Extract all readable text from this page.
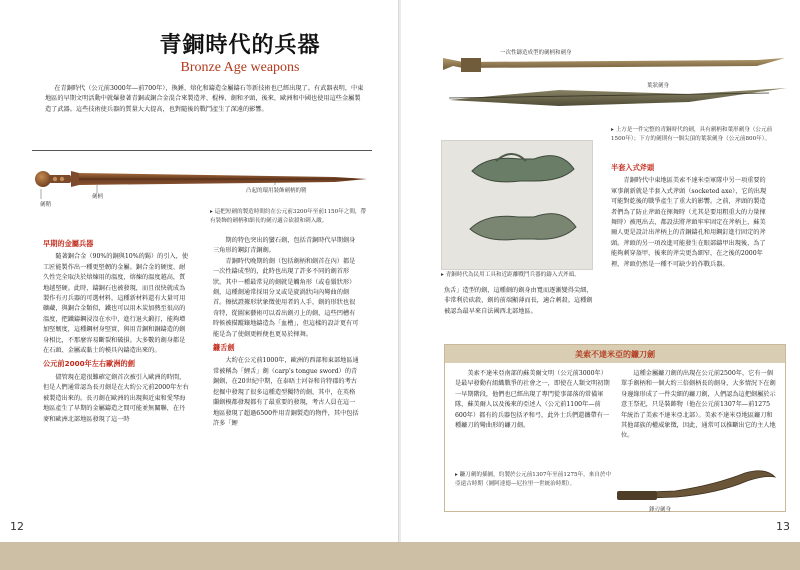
青銅時代的兵器
Bronze Age weapons
在青銅時代（公元前3000年—前700年），換錘、熔化和鑄造金屬鑄石等新技術也已經出現了。有武器表明，中東地區的早期文明活動中就爆發著青銅或銅合金混合來製造斧、棍棒、劍和矛頭，後來，歐洲和中國也使用這些金屬製造了武器。這些技術使兵器的質量大大提高，也對隨後的戰鬥產生了深遠的影響。
劍鞘
劍柄
凸起的環用裝飾劍柄的鞘
▸ 這把短劍的製造時間約在公元前3200年至前1150年之間，帶有裝飾的劍柄和細長的劍刃適合砍殺和刺入敵。
早期的金屬兵器

隨著銅合金（90%的銅與10%的錫）的引入，使工匠能製作出一種更堅韌的金屬。銅合金的硬度、耐久性完全取決於熔煉用的溫度，熔煉的溫度越高，質地越堅硬。此時，鑄銅石也被發現，而且很快就成為製作有刃兵器的可選材料，這種新材料還有大量可用礦藏，與銅合金類似，鐵也可以用木炭加熱至很高的溫度，把鐵鑄鋼浸沒在水中，進行退火鍛打，能夠增加堅韌度，這種鋼材身堅實，與用青銅和銅鑄造的劍身相比，不那麼容易斷裂和破損。大多數的劍身都是在石頭、金屬或黏土的模具內鑄造出來的。

公元前2000年左右歐洲的劍

儘管現在還很難確定劍首次被引入歐洲的時間，但是人們通常認為長刃劍是在大約公元前2000年左右被製造出來的。長刃劍在歐洲的出現與近東和愛琴海地區產生了早期的金屬鑄造之間可能並無關聯，在丹麥和歐洲北部地區發現了這一時

期的特色突出的蠻石劍，包括青銅時代早期劍身三角形的鋼釘青銅劍。

青銅時代晚期的劍（包括劍柄和劍首在內）都是一次性鑄成型的，此時也出現了許多不同的劍首形狀。其中一種最常見的劍就是觸角形（或卷鬚狀形）劍，這種劍通常採用分叉或是旋渦狀向內彎曲的劍首。擦拭證據形狀象徵使用者的人手，劍的形狀也很奇特，從圖案藝術可以看出劍刃上的劍，這些凹槽有時候被描蹤鑲地鑄造為「血槽」，但這樣的設計更有可能是為了使劍更輕便也更易於揮舞。

鐮舌劍

大約在公元前1000年，歐洲的西部和東部地區通常被稱為「鯉舌」劍（carp's tongue sword）的青銅劍，在20世紀中期，在泰晤士河谷和肯特郡的考古挖掘中發現了很多這種造型獨特的劍，其中，在英格蘭劍模都發現都有了最重要的發現，考古人員在這一地區發現了超過6500件用青銅製造的物件，其中包括許多「鯉

一次性鑄造成型的劍柄和劍身
葉狀劍身
▸ 上方是一件完整的青銅時代的劍，具有劍柄和葉形劍身（公元前1500年）；下方的劍則有一個尖頂的葉狀劍身（公元前800年）。
▸ 青銅時代為民用工具和近距離戰鬥兵器的鑄入式斧頭。
魚舌」造型的劍，這種劍的劍身由寬而逐漸變得尖細，非常利於砍殺，劍的前端顯薄而長，適合刺殺。這種劍被認為最早來自法國西北部地區。
半套入式斧頭
青銅時代中東地區美索不達米亞軍隊中另一項重要的軍事創新就是半套入式斧頭（socketed axe），它的出現可能對乾後的戰爭產生了重大的影響。之前，斧頭的製造者們為了防止斧頭在揮舞時（尤其是要用粗重大的力量揮舞時）被甩出去，都設法將斧頭牢牢固定在斧柄上，蘇美爾人更是設計出斧柄上的青銅鑄孔和用鋼釘進行固定的斧頭。斧頭的另一項改進可能發生在眼部鑄甲出現後，為了能夠刺穿盔甲，後來的斧尖更為細窄，在之後的2000年裡，斧頭仍然是一種不可缺少的作戰兵器。
美索不達米亞的鐮刀劍
美索不達米亞南部的蘇美爾文明（公元前3000年）是最早發動有組織戰爭的社會之一，即使在人類文明初期一早期階段，他們也已經出現了專門從事部落的常備軍隊，蘇美爾人以及後來的亞述人（公元前1100年—前600年）都有的兵器包括矛和弓，此外士兵們還攜帶有一種鐮刀的彎曲形的鐮刀劍。
這種金屬鐮刀劍的出現在公元前2500年，它有一個單手劍柄和一個大約三倍劍柄長的劍身，大多情況下在劍身邊緣形成了一件尖細的鐮刀劍，人們認為這把劍屬於示意王祭祀，只是裝飾物（他在公元前1307年—前1275年統治了美索不達米亞北部）。美索不達米亞地區鐮刀和其他部族的權威象徵，因此，通常可以推斷出它的主人地位。
▸ 鐮刀劍的插圖，約製於公元前1307年至前1275年，來自於中亞遠古時期（圖阿達德—尼拉里一世統治時期）。
鋒刃劍身
12	13
